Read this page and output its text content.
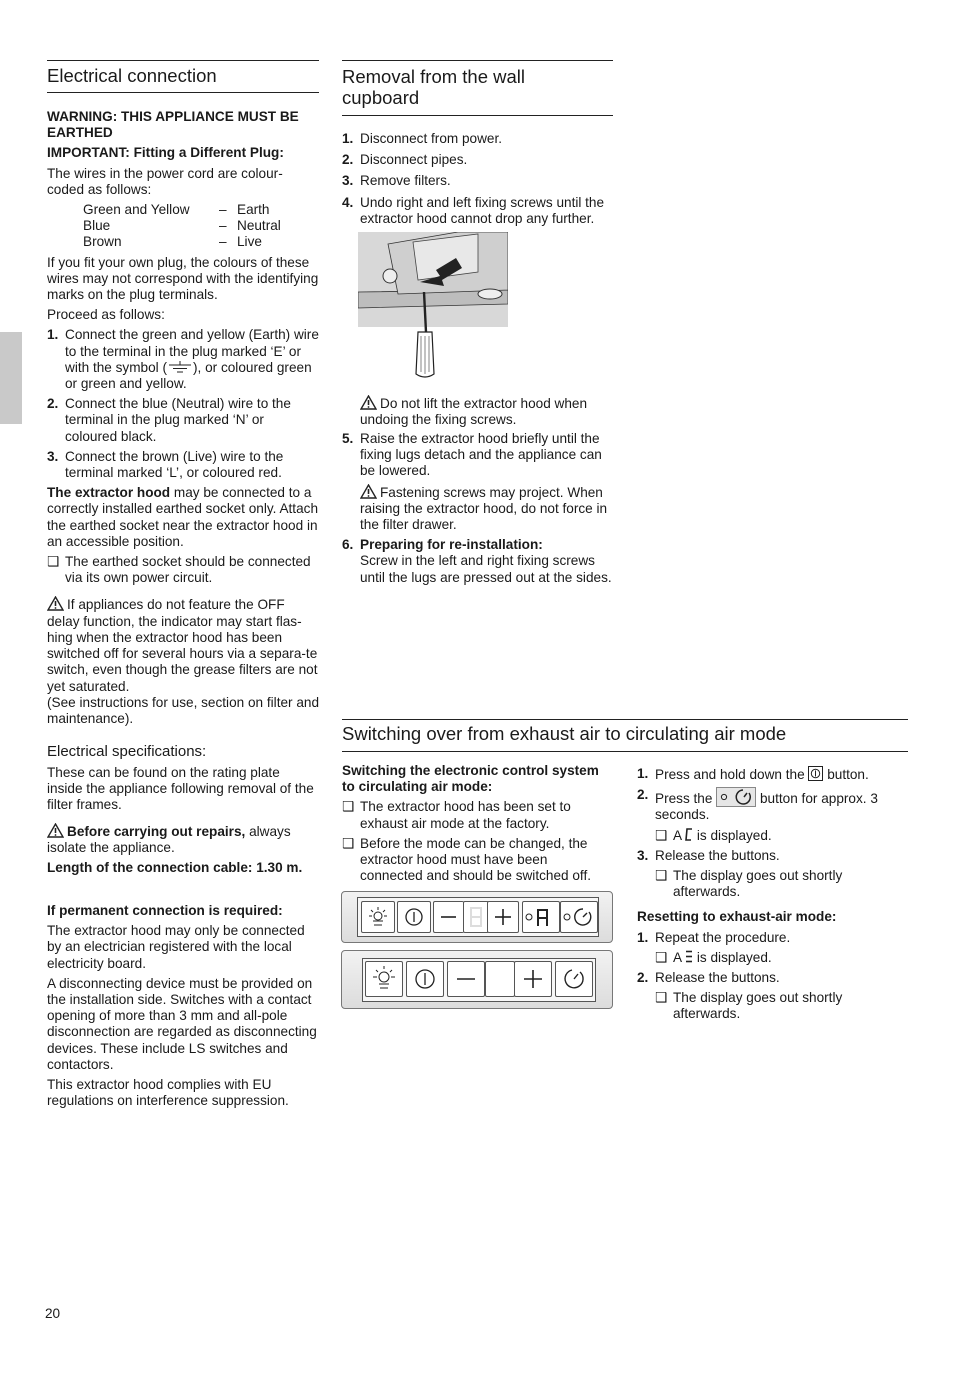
Electrical connection

WARNING: THIS APPLIANCE MUST BE EARTHED

IMPORTANT: Fitting a Different Plug:

The wires in the power cord are colour-coded as follows:

Green and Yellow	– Earth
Blue	– Neutral
Brown	– Live

If you fit your own plug, the colours of these wires may not correspond with the identifying marks on the plug terminals.

Proceed as follows:

1. Connect the green and yellow (Earth) wire to the terminal in the plug marked ‘E’ or with the symbol ( ), or coloured green or green and yellow.
2. Connect the blue (Neutral) wire to the terminal in the plug marked ‘N’ or coloured black.
3. Connect the brown (Live) wire to the terminal marked ‘L’, or coloured red.

The extractor hood may be connected to a correctly installed earthed socket only. Attach the earthed socket near the extractor hood in an accessible position.

❑ The earthed socket should be connected via its own power circuit.

If appliances do not feature the OFF delay function, the indicator may start flas-hing when the extractor hood has been switched off for several hours via a separa-te switch, even though the grease filters are not yet saturated.

(See instructions for use, section on filter and maintenance).

Electrical specifications:

These can be found on the rating plate inside the appliance following removal of the filter frames.

Before carrying out repairs, always isolate the appliance.

Length of the connection cable: 1.30 m.

If permanent connection is required:

The extractor hood may only be connected by an electrician registered with the local electricity board.

A disconnecting device must be provided on the installation side. Switches with a contact opening of more than 3 mm and all-pole disconnection are regarded as disconnecting devices. These include LS switches and contactors.

This extractor hood complies with EU regulations on interference suppression.

Removal from the wall cupboard
1. Disconnect from power.
2. Disconnect pipes.
3. Remove filters.
4. Undo right and left fixing screws until the extractor hood cannot drop any further.

Do not lift the extractor hood when undoing the fixing screws.

5. Raise the extractor hood briefly until the fixing lugs detach and the appliance can be lowered.

Fastening screws may project. When raising the extractor hood, do not force in the filter drawer.

6. Preparing for re-installation:
Screw in the left and right fixing screws until the lugs are pressed out at the sides.
Switching over from exhaust air to circulating air mode

Switching the electronic control system to circulating air mode:

❑ The extractor hood has been set to exhaust air mode at the factory.
❑ Before the mode can be changed, the extractor hood must have been connected and should be switched off.
1. Press and hold down the button.
2. Press the	button for approx. 3 seconds.
❑ A is displayed.
3. Release the buttons.
❑ The display goes out shortly afterwards.

Resetting to exhaust-air mode:

1. Repeat the procedure.
❑ A is displayed.
2. Release the buttons.
❑ The display goes out shortly afterwards.
20
